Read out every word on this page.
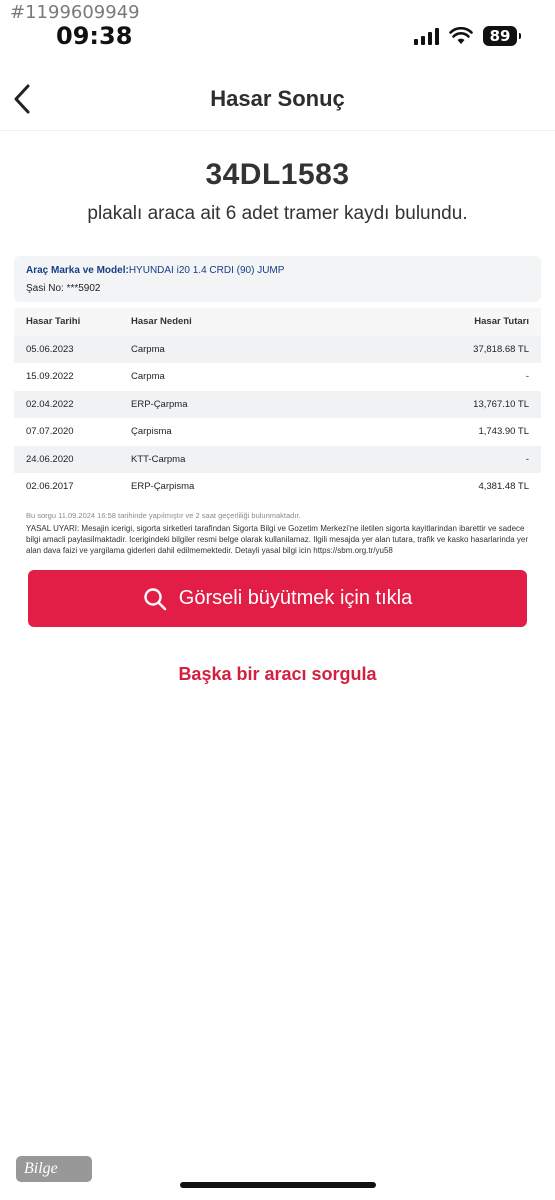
#1199609949
09:38	89
Hasar Sonuç
34DL1583
plakalı araca ait 6 adet tramer kaydı bulundu.
Araç Marka ve Model:HYUNDAI i20 1.4 CRDI (90) JUMP
Şasi No: ***5902
Hasar Tarihi	Hasar Nedeni	Hasar Tutarı
05.06.2023	Carpma	37,818.68 TL
15.09.2022	Carpma	-
02.04.2022	ERP-Çarpma	13,767.10 TL
07.07.2020	Çarpisma	1,743.90 TL
24.06.2020	KTT-Carpma	-
02.06.2017	ERP-Çarpisma	4,381.48 TL
Bu sorgu 11.09.2024 16:58 tarihinde yapılmıştır ve 2 saat geçerliliği bulunmaktadır.
YASAL UYARI: Mesajin icerigi, sigorta sirketleri tarafindan Sigorta Bilgi ve Gozetim Merkezi'ne iletilen sigorta kayitlarindan ibarettir ve sadece bilgi amacli paylasilmaktadir. Icerigindeki bilgiler resmi belge olarak kullanilamaz. Ilgili mesajda yer alan tutara, trafik ve kasko hasarlarinda yer alan dava faizi ve yargilama giderleri dahil edilmemektedir. Detayli yasal bilgi icin https://sbm.org.tr/yu58
Görseli büyütmek için tıkla
Başka bir aracı sorgula
Bilge
